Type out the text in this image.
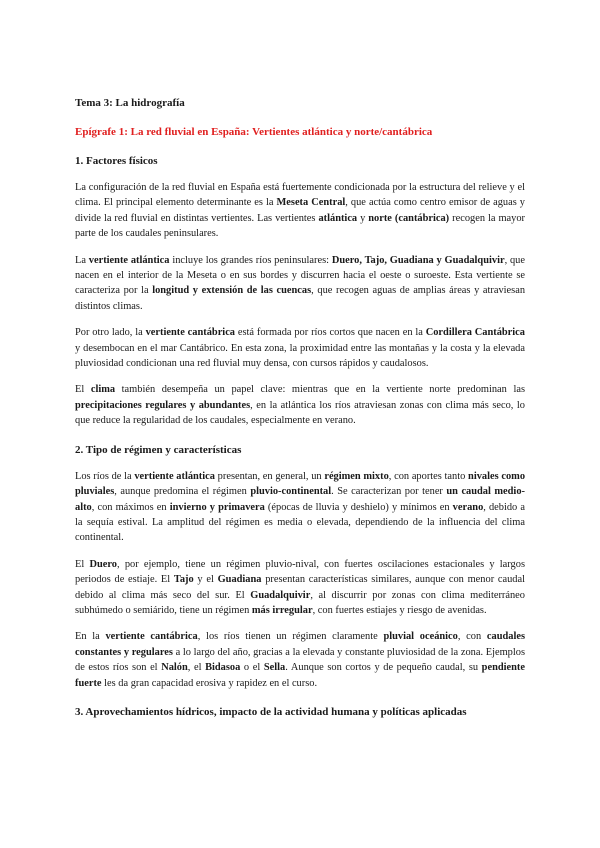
Tema 3: La hidrografía
Epígrafe 1: La red fluvial en España: Vertientes atlántica y norte/cantábrica
1. Factores físicos

La configuración de la red fluvial en España está fuertemente condicionada por la estructura del relieve y el clima. El principal elemento determinante es la Meseta Central, que actúa como centro emisor de aguas y divide la red fluvial en distintas vertientes. Las vertientes atlántica y norte (cantábrica) recogen la mayor parte de los caudales peninsulares.

La vertiente atlántica incluye los grandes ríos peninsulares: Duero, Tajo, Guadiana y Guadalquivir, que nacen en el interior de la Meseta o en sus bordes y discurren hacia el oeste o suroeste. Esta vertiente se caracteriza por la longitud y extensión de las cuencas, que recogen aguas de amplias áreas y atraviesan distintos climas.

Por otro lado, la vertiente cantábrica está formada por ríos cortos que nacen en la Cordillera Cantábrica y desembocan en el mar Cantábrico. En esta zona, la proximidad entre las montañas y la costa y la elevada pluviosidad condicionan una red fluvial muy densa, con cursos rápidos y caudalosos.

El clima también desempeña un papel clave: mientras que en la vertiente norte predominan las precipitaciones regulares y abundantes, en la atlántica los ríos atraviesan zonas con clima más seco, lo que reduce la regularidad de los caudales, especialmente en verano.

2. Tipo de régimen y características

Los ríos de la vertiente atlántica presentan, en general, un régimen mixto, con aportes tanto nivales como pluviales, aunque predomina el régimen pluvio-continental. Se caracterizan por tener un caudal medio-alto, con máximos en invierno y primavera (épocas de lluvia y deshielo) y mínimos en verano, debido a la sequía estival. La amplitud del régimen es media o elevada, dependiendo de la influencia del clima continental.

El Duero, por ejemplo, tiene un régimen pluvio-nival, con fuertes oscilaciones estacionales y largos periodos de estiaje. El Tajo y el Guadiana presentan características similares, aunque con menor caudal debido al clima más seco del sur. El Guadalquivir, al discurrir por zonas con clima mediterráneo subhúmedo o semiárido, tiene un régimen más irregular, con fuertes estiajes y riesgo de avenidas.

En la vertiente cantábrica, los ríos tienen un régimen claramente pluvial oceánico, con caudales constantes y regulares a lo largo del año, gracias a la elevada y constante pluviosidad de la zona. Ejemplos de estos ríos son el Nalón, el Bidasoa o el Sella. Aunque son cortos y de pequeño caudal, su pendiente fuerte les da gran capacidad erosiva y rapidez en el curso.

3. Aprovechamientos hídricos, impacto de la actividad humana y políticas aplicadas
